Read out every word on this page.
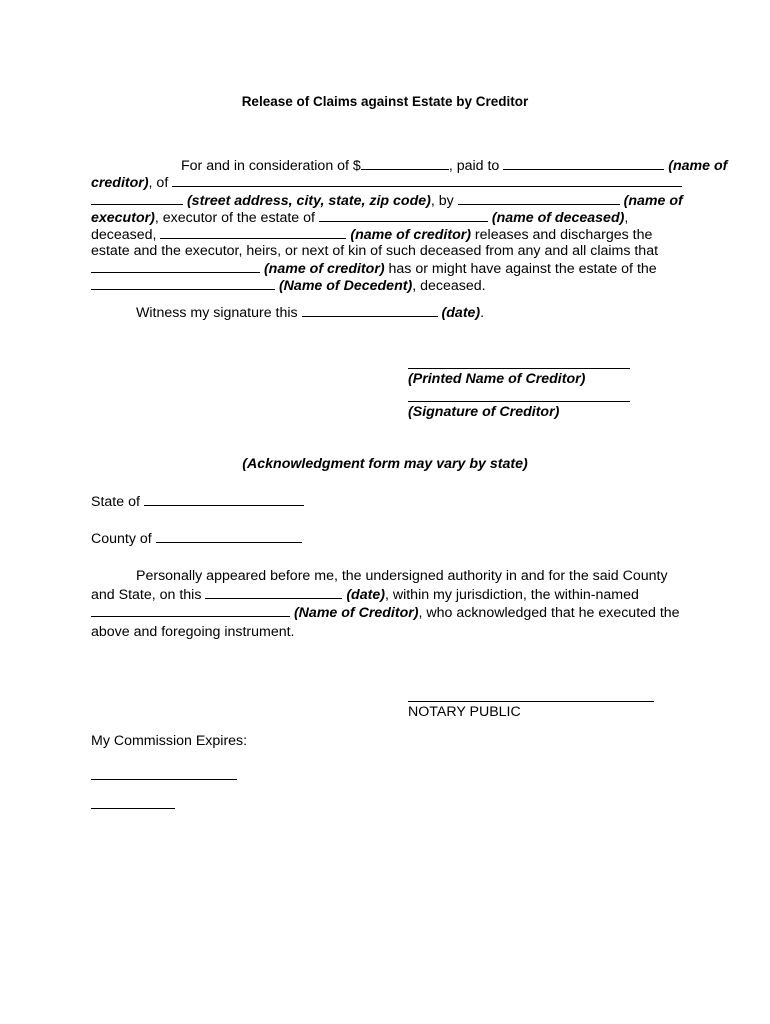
Release of Claims against Estate by Creditor
For and in consideration of $	, paid to	(name of
creditor), of
(street address, city, state, zip code), by	(name of
executor), executor of the estate of	(name of deceased),
deceased,	(name of creditor) releases and discharges the
estate and the executor, heirs, or next of kin of such deceased from any and all claims that
(name of creditor) has or might have against the estate of the
(Name of Decedent), deceased.
Witness my signature this	(date).
(Printed Name of Creditor)
(Signature of Creditor)
(Acknowledgment form may vary by state)
State of
County of
Personally appeared before me, the undersigned authority in and for the said County
and State, on this	(date), within my jurisdiction, the within-named
(Name of Creditor), who acknowledged that he executed the
above and foregoing instrument.
NOTARY PUBLIC
My Commission Expires:
